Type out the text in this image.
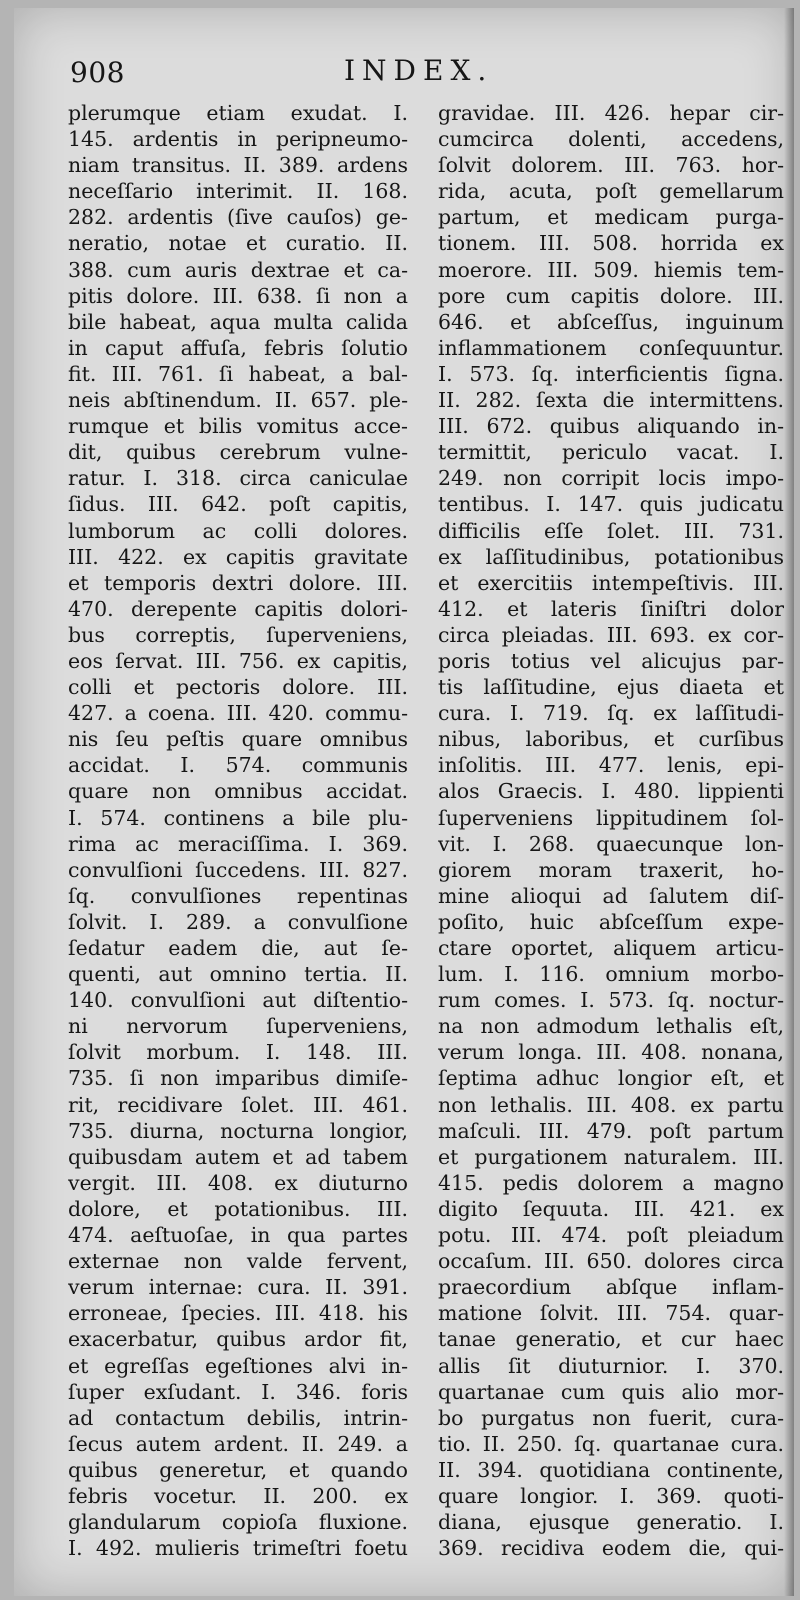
908	INDEX.
plerumque etiam exudat. I.
145. ardentis in peripneumo-
niam transitus. II. 389. ardens
neceſſario interimit. II. 168.
282. ardentis (ſive cauſos) ge-
neratio, notae et curatio. II.
388. cum auris dextrae et ca-
pitis dolore. III. 638. ſi non a
bile habeat, aqua multa calida
in caput affuſa, febris ſolutio
fit. III. 761. ſi habeat, a bal-
neis abſtinendum. II. 657. ple-
rumque et bilis vomitus acce-
dit, quibus cerebrum vulne-
ratur. I. 318. circa caniculae
ſidus. III. 642. poſt capitis,
lumborum ac colli dolores.
III. 422. ex capitis gravitate
et temporis dextri dolore. III.
470. derepente capitis dolori-
bus correptis, ſuperveniens,
eos ſervat. III. 756. ex capitis,
colli et pectoris dolore. III.
427. a coena. III. 420. commu-
nis ſeu peſtis quare omnibus
accidat. I. 574. communis
quare non omnibus accidat.
I. 574. continens a bile plu-
rima ac meraciſſima. I. 369.
convulſioni ſuccedens. III. 827.
ſq. convulſiones repentinas
ſolvit. I. 289. a convulſione
ſedatur eadem die, aut ſe-
quenti, aut omnino tertia. II.
140. convulſioni aut diſtentio-
ni nervorum ſuperveniens,
ſolvit morbum. I. 148. III.
735. ſi non imparibus dimiſe-
rit, recidivare ſolet. III. 461.
735. diurna, nocturna longior,
quibusdam autem et ad tabem
vergit. III. 408. ex diuturno
dolore, et potationibus. III.
474. aeſtuoſae, in qua partes
externae non valde fervent,
verum internae: cura. II. 391.
erroneae, ſpecies. III. 418. his
exacerbatur, quibus ardor fit,
et egreſſas egeſtiones alvi in-
ſuper exſudant. I. 346. foris
ad contactum debilis, intrin-
ſecus autem ardent. II. 249. a
quibus generetur, et quando
febris vocetur. II. 200. ex
glandularum copioſa fluxione.
I. 492. mulieris trimeſtri foetu
gravidae. III. 426. hepar cir-
cumcirca dolenti, accedens,
ſolvit dolorem. III. 763. hor-
rida, acuta, poſt gemellarum
partum, et medicam purga-
tionem. III. 508. horrida ex
moerore. III. 509. hiemis tem-
pore cum capitis dolore. III.
646. et abſceſſus, inguinum
inflammationem conſequuntur.
I. 573. ſq. interficientis ſigna.
II. 282. ſexta die intermittens.
III. 672. quibus aliquando in-
termittit, periculo vacat. I.
249. non corripit locis impo-
tentibus. I. 147. quis judicatu
difficilis eſſe ſolet. III. 731.
ex laſſitudinibus, potationibus
et exercitiis intempeſtivis. III.
412. et lateris ſiniſtri dolor
circa pleiadas. III. 693. ex cor-
poris totius vel alicujus par-
tis laſſitudine, ejus diaeta et
cura. I. 719. ſq. ex laſſitudi-
nibus, laboribus, et curſibus
inſolitis. III. 477. lenis, epi-
alos Graecis. I. 480. lippienti
ſuperveniens lippitudinem ſol-
vit. I. 268. quaecunque lon-
giorem moram traxerit, ho-
mine alioqui ad ſalutem diſ-
poſito, huic abſceſſum expe-
ctare oportet, aliquem articu-
lum. I. 116. omnium morbo-
rum comes. I. 573. ſq. noctur-
na non admodum lethalis eſt,
verum longa. III. 408. nonana,
ſeptima adhuc longior eſt, et
non lethalis. III. 408. ex partu
maſculi. III. 479. poſt partum
et purgationem naturalem. III.
415. pedis dolorem a magno
digito ſequuta. III. 421. ex
potu. III. 474. poſt pleiadum
occaſum. III. 650. dolores circa
praecordium abſque inflam-
matione ſolvit. III. 754. quar-
tanae generatio, et cur haec
allis ſit diuturnior. I. 370.
quartanae cum quis alio mor-
bo purgatus non fuerit, cura-
tio. II. 250. ſq. quartanae cura.
II. 394. quotidiana continente,
quare longior. I. 369. quoti-
diana, ejusque generatio. I.
369. recidiva eodem die, qui-
